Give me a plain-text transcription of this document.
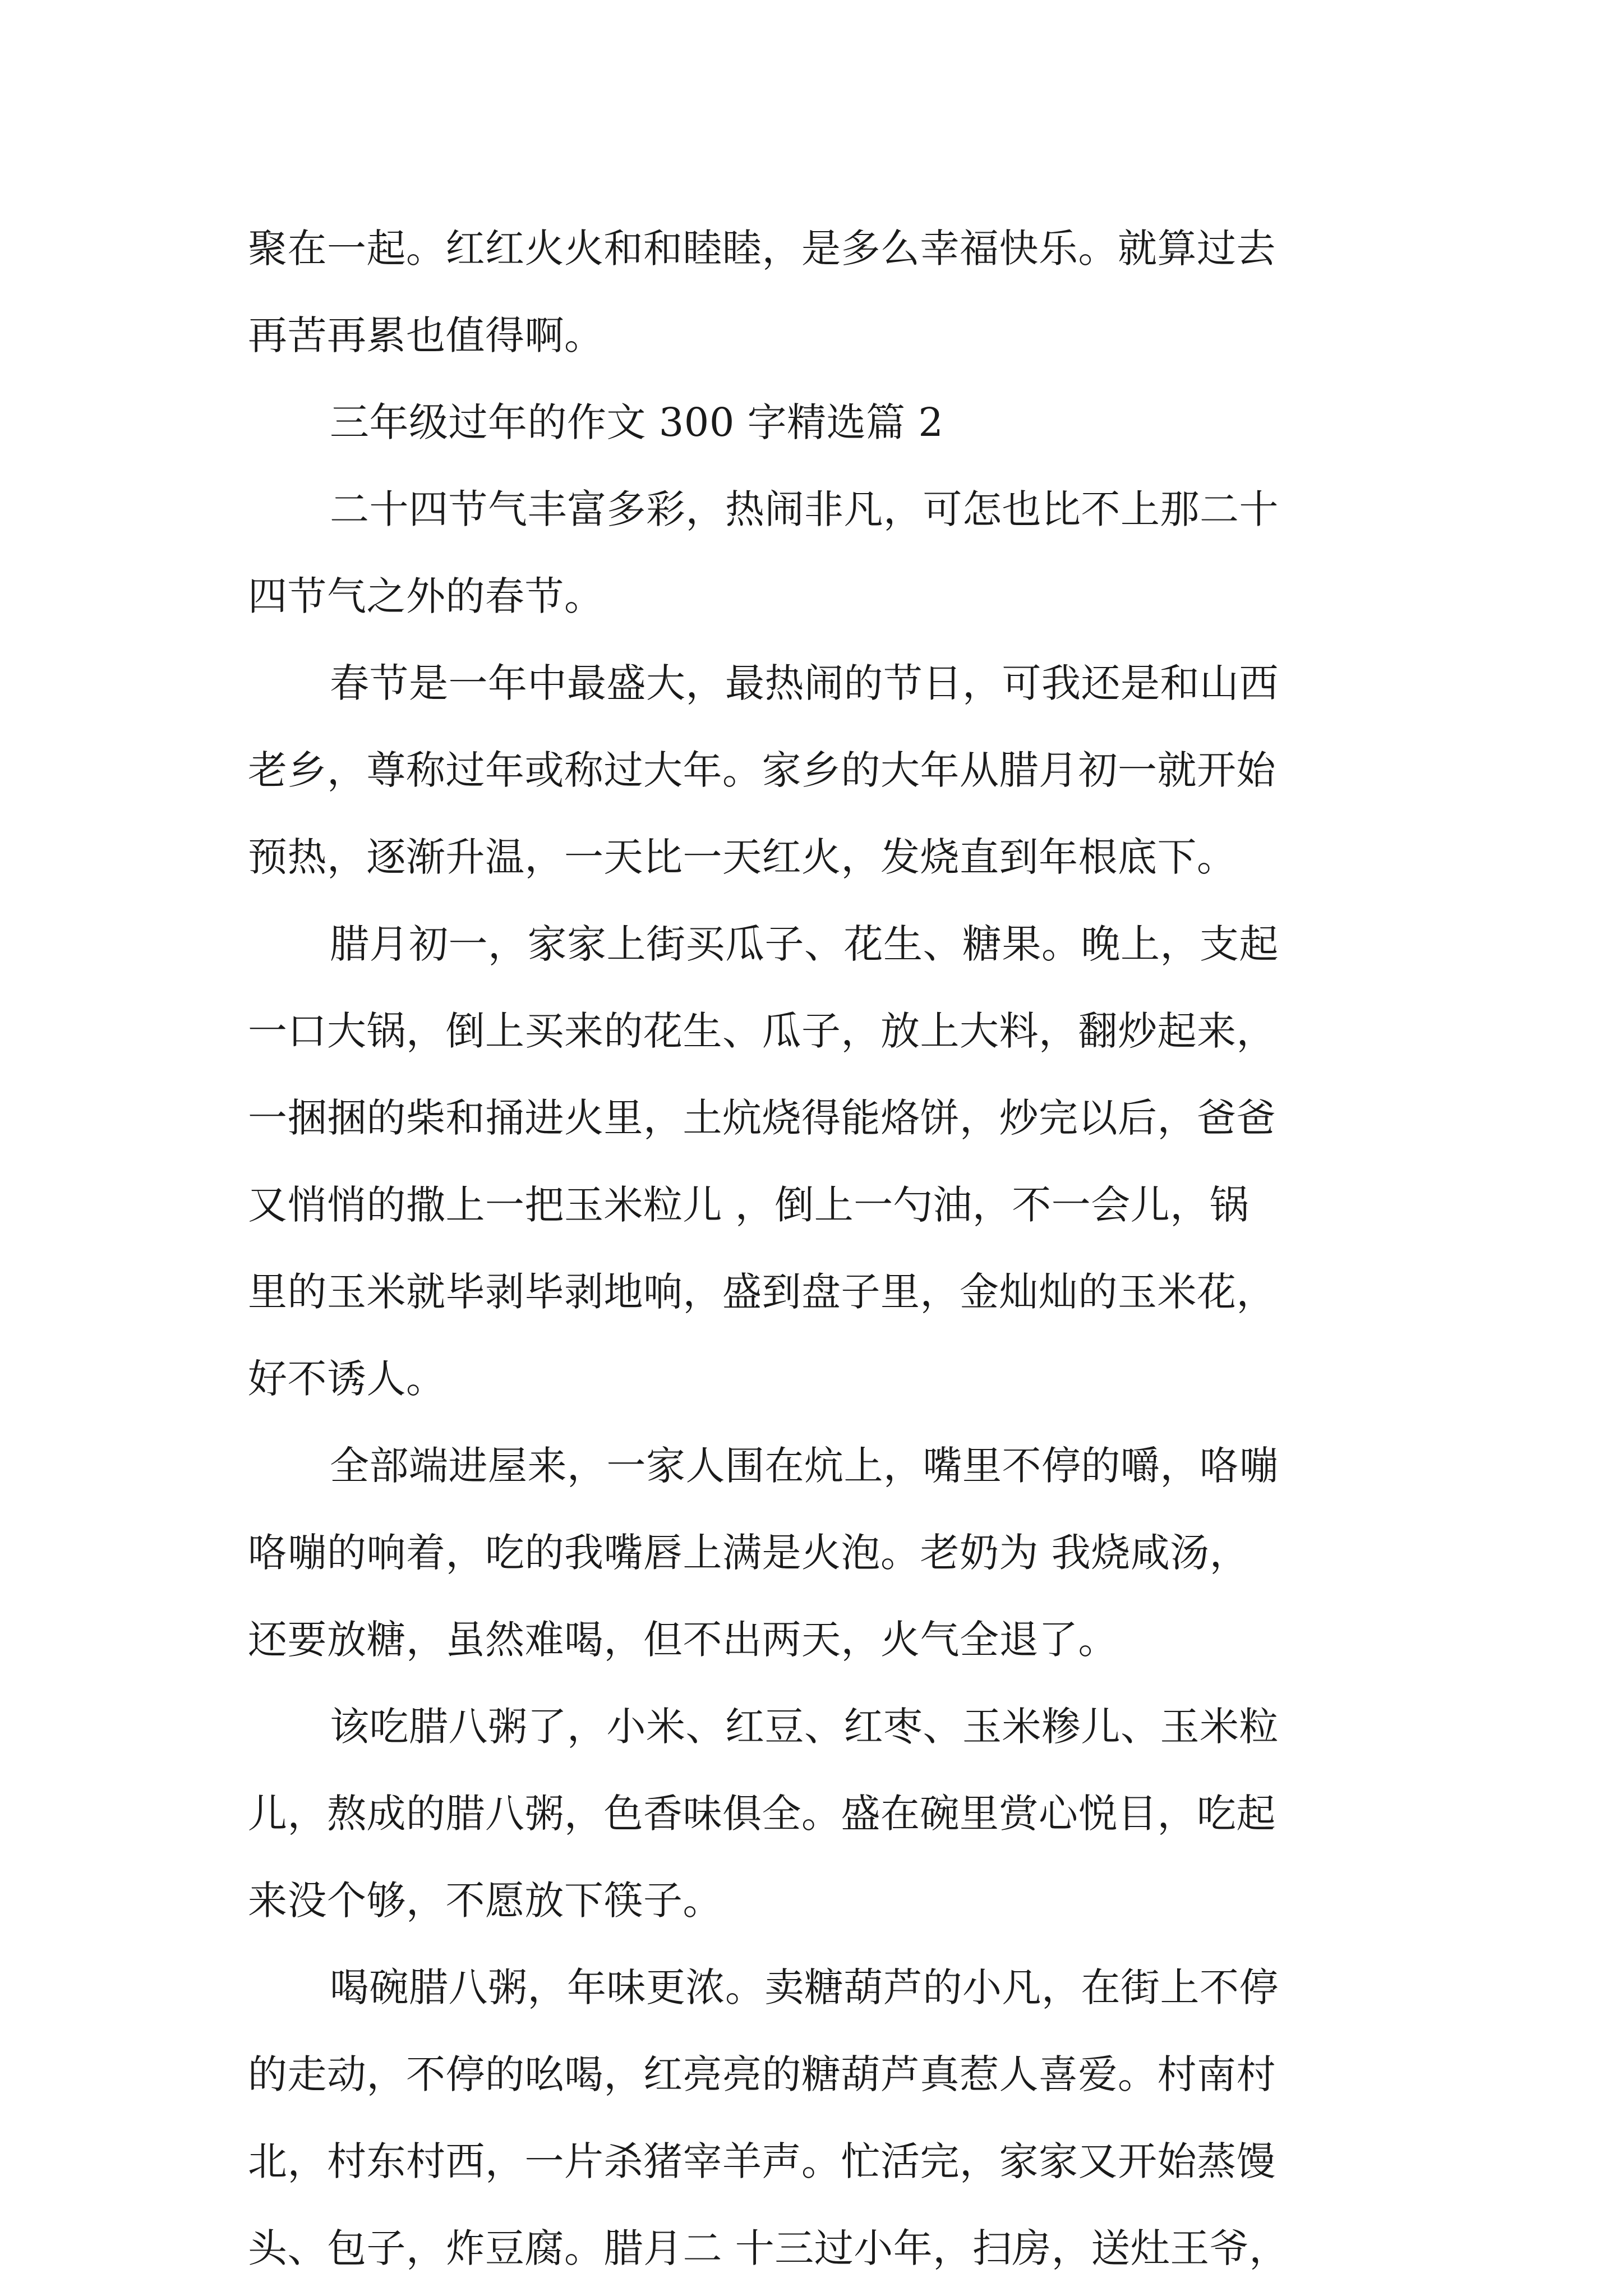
聚在一起。红红火火和和睦睦，是多么幸福快乐。就算过去
再苦再累也值得啊。
三年级过年的作文 300 字精选篇 2
二十四节气丰富多彩，热闹非凡，可怎也比不上那二十
四节气之外的春节。
春节是一年中最盛大，最热闹的节日，可我还是和山西
老乡，尊称过年或称过大年。家乡的大年从腊月初一就开始
预热，逐渐升温，一天比一天红火，发烧直到年根底下。
腊月初一，家家上街买瓜子、花生、糖果。晚上，支起
一口大锅，倒上买来的花生、瓜子，放上大料，翻炒起来，
一捆捆的柴和捅进火里，土炕烧得能烙饼，炒完以后，爸爸
又悄悄的撒上一把玉米粒儿 ，倒上一勺油，不一会儿，锅
里的玉米就毕剥毕剥地响，盛到盘子里，金灿灿的玉米花，
好不诱人。
全部端进屋来，一家人围在炕上，嘴里不停的嚼，咯嘣
咯嘣的响着，吃的我嘴唇上满是火泡。老奶为 我烧咸汤，
还要放糖，虽然难喝，但不出两天，火气全退了。
该吃腊八粥了，小米、红豆、红枣、玉米糁儿、玉米粒
儿，熬成的腊八粥，色香味俱全。盛在碗里赏心悦目，吃起
来没个够，不愿放下筷子。
喝碗腊八粥，年味更浓。卖糖葫芦的小凡，在街上不停
的走动，不停的吆喝，红亮亮的糖葫芦真惹人喜爱。村南村
北，村东村西，一片杀猪宰羊声。忙活完，家家又开始蒸馒
头、包子，炸豆腐。腊月二 十三过小年，扫房，送灶王爷，
